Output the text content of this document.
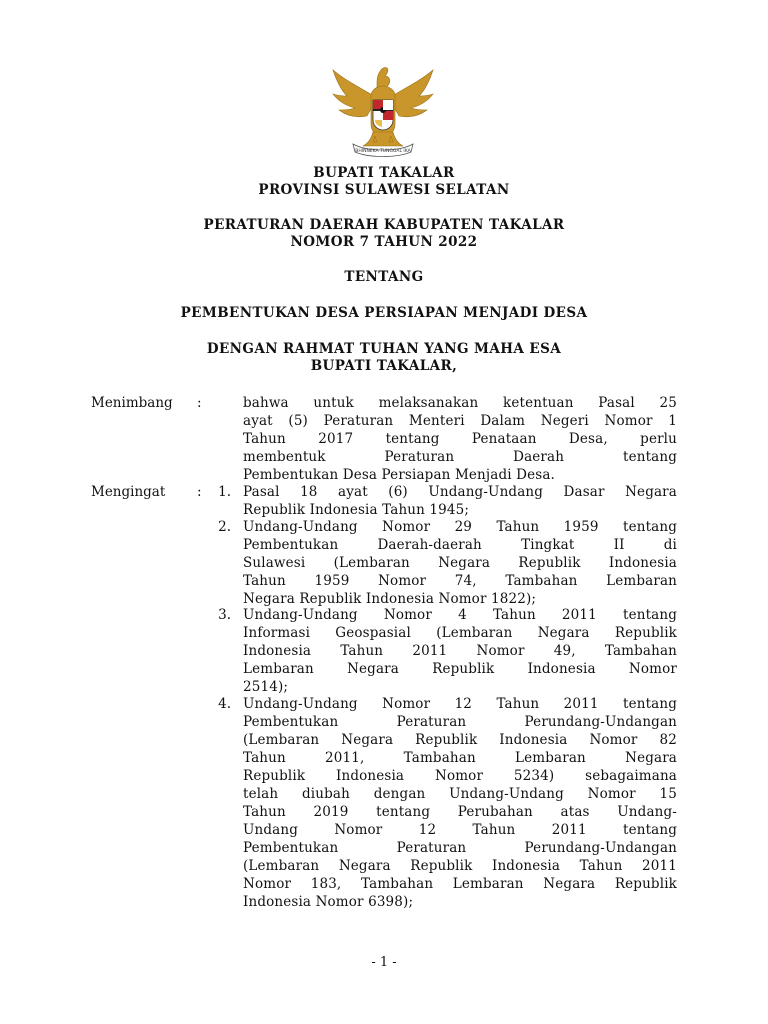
BHINNEKA TUNGGAL IKA
BUPATI TAKALAR
PROVINSI SULAWESI SELATAN
PERATURAN DAERAH KABUPATEN TAKALAR
NOMOR 7 TAHUN 2022
TENTANG
PEMBENTUKAN DESA PERSIAPAN MENJADI DESA
DENGAN RAHMAT TUHAN YANG MAHA ESA
BUPATI TAKALAR,
Menimbang :	bahwa untuk melaksanakan ketentuan Pasal 25
ayat (5) Peraturan Menteri Dalam Negeri Nomor 1
Tahun 2017 tentang Penataan Desa, perlu
membentuk Peraturan Daerah tentang
Pembentukan Desa Persiapan Menjadi Desa.
Mengingat :	1. Pasal 18 ayat (6) Undang-Undang Dasar Negara
Republik Indonesia Tahun 1945;
2. Undang-Undang Nomor 29 Tahun 1959 tentang
Pembentukan Daerah-daerah Tingkat II di
Sulawesi (Lembaran Negara Republik Indonesia
Tahun 1959 Nomor 74, Tambahan Lembaran
Negara Republik Indonesia Nomor 1822);
3. Undang-Undang Nomor 4 Tahun 2011 tentang
Informasi Geospasial (Lembaran Negara Republik
Indonesia Tahun 2011 Nomor 49, Tambahan
Lembaran Negara Republik Indonesia Nomor
2514);
4. Undang-Undang Nomor 12 Tahun 2011 tentang
Pembentukan Peraturan Perundang-Undangan
(Lembaran Negara Republik Indonesia Nomor 82
Tahun 2011, Tambahan Lembaran Negara
Republik Indonesia Nomor 5234) sebagaimana
telah diubah dengan Undang-Undang Nomor 15
Tahun 2019 tentang Perubahan atas Undang-
Undang Nomor 12 Tahun 2011 tentang
Pembentukan Peraturan Perundang-Undangan
(Lembaran Negara Republik Indonesia Tahun 2011
Nomor 183, Tambahan Lembaran Negara Republik
Indonesia Nomor 6398);
- 1 -
